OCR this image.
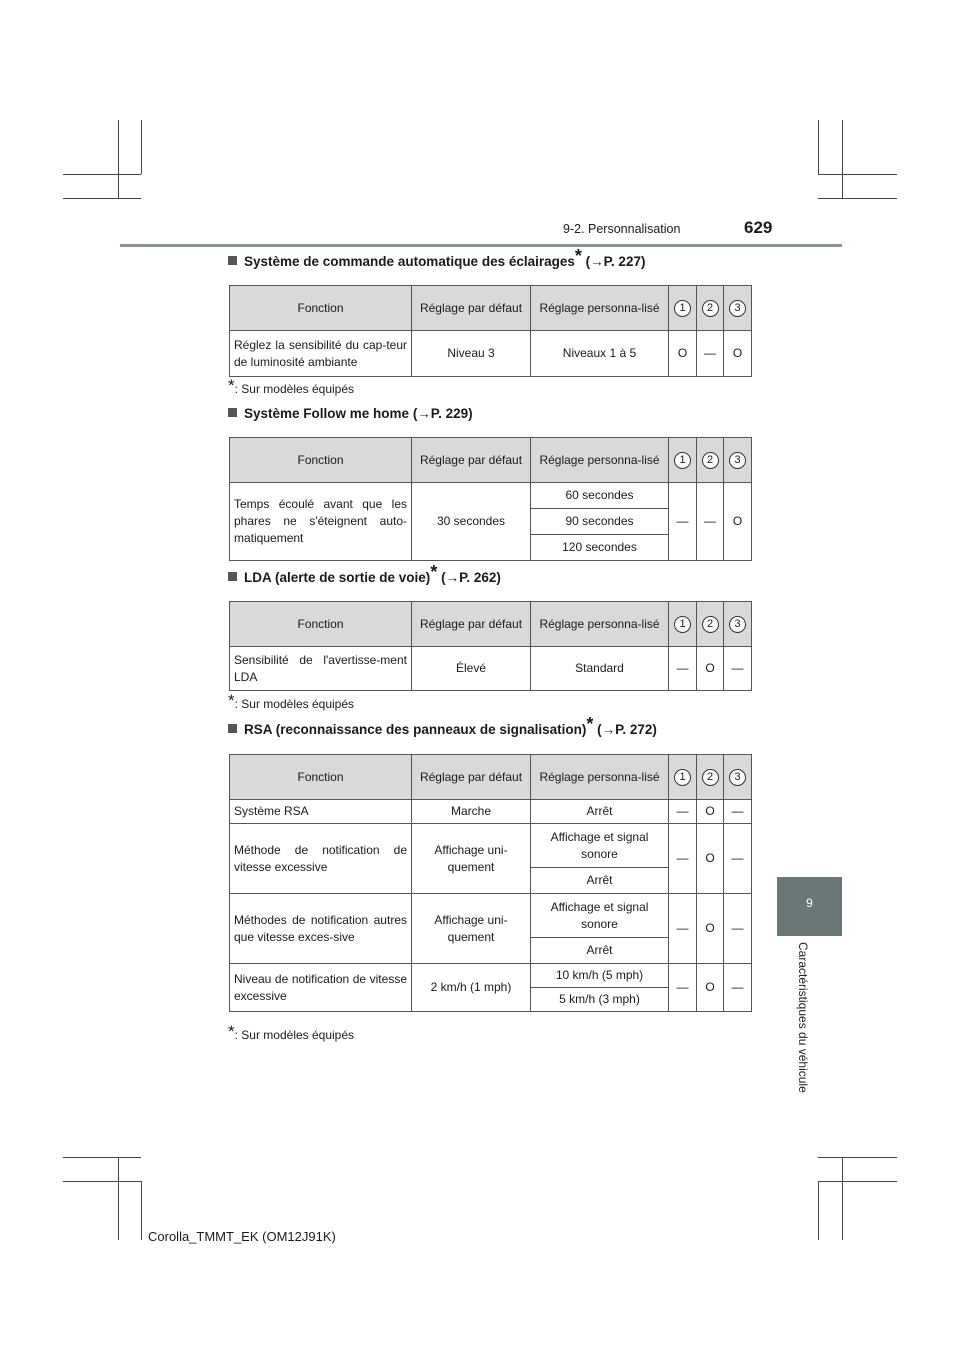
9-2. Personnalisation	629
9
Caractéristiques du véhicule
Système de commande automatique des éclairages* (→P. 227)
Fonction	Réglage par défaut	Réglage personna-lisé	1	2	3
Réglez la sensibilité du cap-teur de luminosité ambiante	Niveau 3	Niveaux 1 à 5	O	—	O
*: Sur modèles équipés
Système Follow me home (→P. 229)
Fonction	Réglage par défaut	Réglage personna-lisé	1	2	3
Temps écoulé avant que les phares ne s'éteignent auto-matiquement	30 secondes	60 secondes	—	—	O
		90 secondes			
		120 secondes			
LDA (alerte de sortie de voie)* (→P. 262)
Fonction	Réglage par défaut	Réglage personna-lisé	1	2	3
Sensibilité de l'avertisse-ment LDA	Élevé	Standard	—	O	—
*: Sur modèles équipés
RSA (reconnaissance des panneaux de signalisation)* (→P. 272)
Fonction	Réglage par défaut	Réglage personna-lisé	1	2	3
Système RSA	Marche	Arrêt	—	O	—
Méthode de notification de vitesse excessive	Affichage uni-quement	Affichage et signal sonore	—	O	—
		Arrêt			
Méthodes de notification autres que vitesse exces-sive	Affichage uni-quement	Affichage et signal sonore	—	O	—
		Arrêt			
Niveau de notification de vitesse excessive	2 km/h (1 mph)	10 km/h (5 mph)	—	O	—
		5 km/h (3 mph)			
*: Sur modèles équipés
Corolla_TMMT_EK (OM12J91K)
